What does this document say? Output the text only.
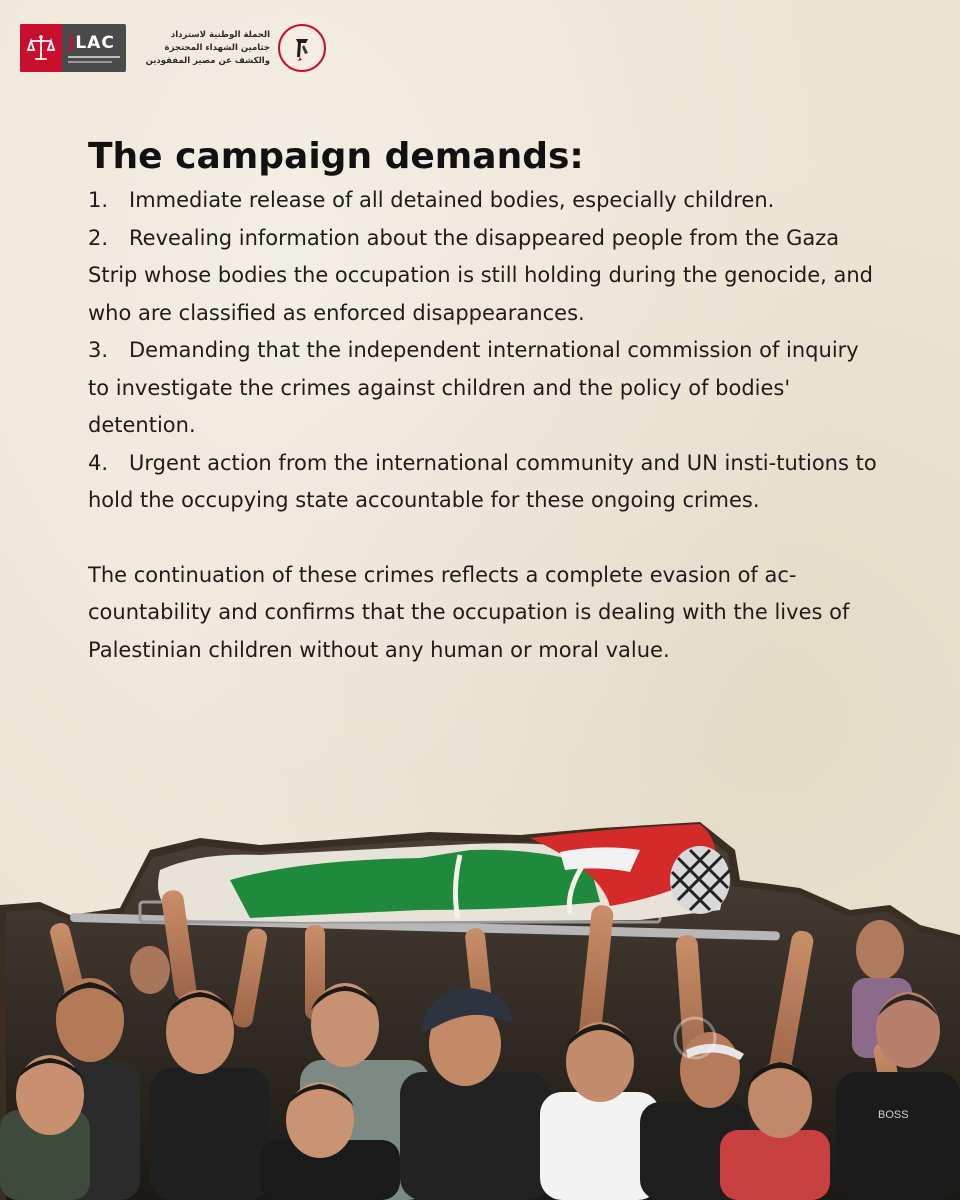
JLAC	الحملة الوطنية لاسترداد جثامين الشهداء المحتجزة والكشف عن مصير المفقودين
The campaign demands:

1. Immediate release of all detained bodies, especially children.

2. Revealing information about the disappeared people from the Gaza Strip whose bodies the occupation is still holding during the genocide, and who are classified as enforced disappearances.

3. Demanding that the independent international commission of inquiry to investigate the crimes against children and the policy of bodies' detention.

4. Urgent action from the international community and UN insti-tutions to hold the occupying state accountable for these ongoing crimes.

The continuation of these crimes reflects a complete evasion of ac-countability and confirms that the occupation is dealing with the lives of Palestinian children without any human or moral value.

BOSS
